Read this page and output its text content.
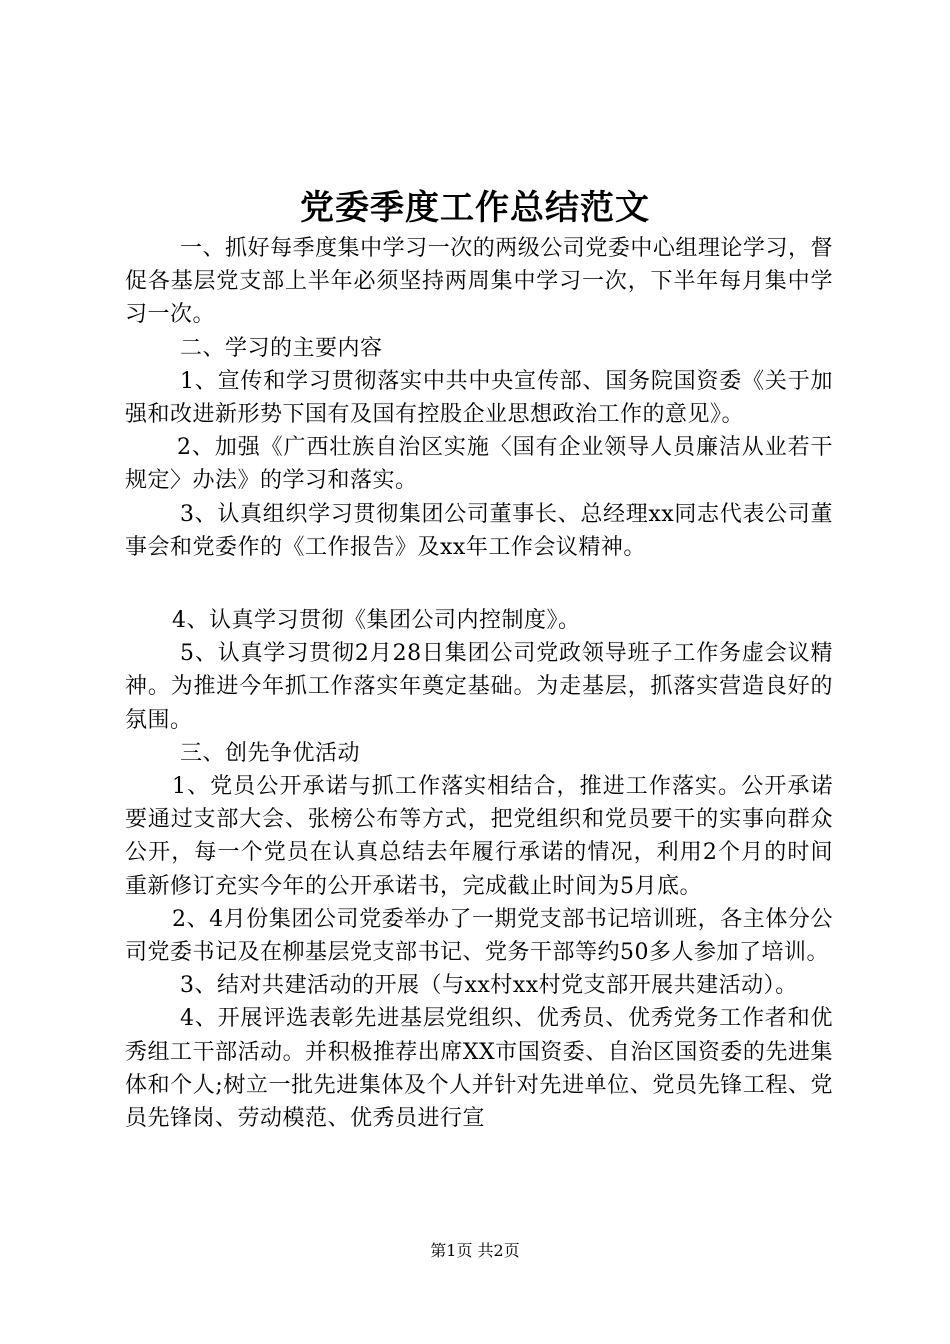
党委季度工作总结范文

一、抓好每季度集中学习一次的两级公司党委中心组理论学习，督促各基层党支部上半年必须坚持两周集中学习一次，下半年每月集中学习一次。

二、学习的主要内容

1、宣传和学习贯彻落实中共中央宣传部、国务院国资委《关于加强和改进新形势下国有及国有控股企业思想政治工作的意见》。

2、加强《广西壮族自治区实施〈国有企业领导人员廉洁从业若干规定〉办法》的学习和落实。

3、认真组织学习贯彻集团公司董事长、总经理xx同志代表公司董事会和党委作的《工作报告》及xx年工作会议精神。

4、认真学习贯彻《集团公司内控制度》。

5、认真学习贯彻2月28日集团公司党政领导班子工作务虚会议精神。为推进今年抓工作落实年奠定基础。为走基层，抓落实营造良好的氛围。

三、创先争优活动

1、党员公开承诺与抓工作落实相结合，推进工作落实。公开承诺要通过支部大会、张榜公布等方式，把党组织和党员要干的实事向群众公开，每一个党员在认真总结去年履行承诺的情况，利用2个月的时间重新修订充实今年的公开承诺书，完成截止时间为5月底。

2、4月份集团公司党委举办了一期党支部书记培训班，各主体分公司党委书记及在柳基层党支部书记、党务干部等约50多人参加了培训。

3、结对共建活动的开展（与xx村xx村党支部开展共建活动）。

4、开展评选表彰先进基层党组织、优秀员、优秀党务工作者和优秀组工干部活动。并积极推荐出席XX市国资委、自治区国资委的先进集体和个人;树立一批先进集体及个人并针对先进单位、党员先锋工程、党员先锋岗、劳动模范、优秀员进行宣

第1页 共2页
